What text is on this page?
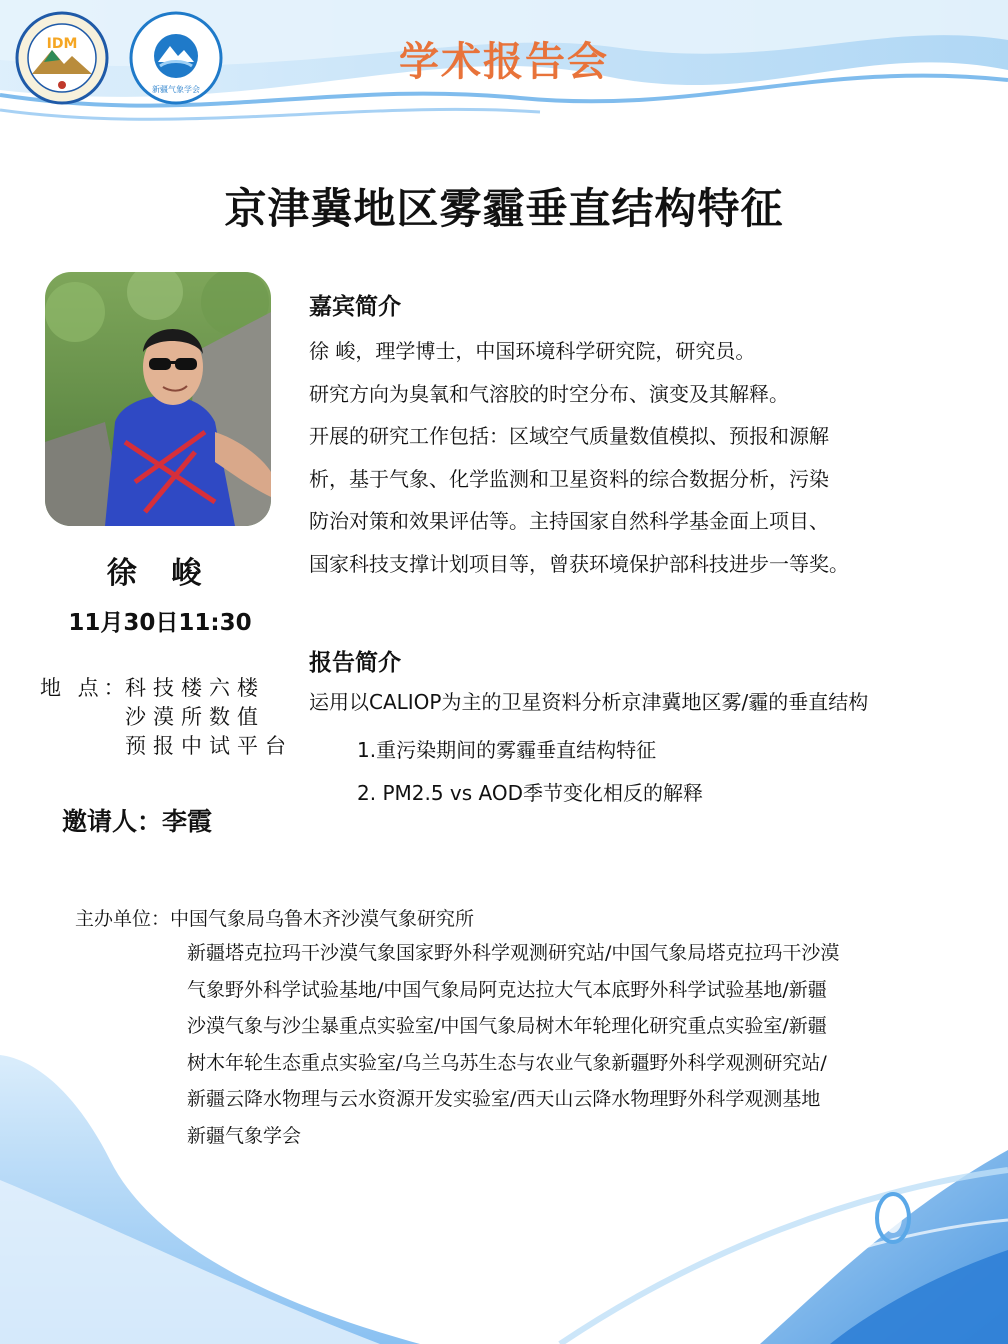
IDM
新疆气象学会
学术报告会
京津冀地区雾霾垂直结构特征
徐 峻
11月30日11:30
地 点：
科技楼六楼
沙漠所数值
预报中试平台
邀请人：李霞
嘉宾简介

徐 峻，理学博士，中国环境科学研究院，研究员。

研究方向为臭氧和气溶胶的时空分布、演变及其解释。

开展的研究工作包括：区域空气质量数值模拟、预报和源解

析，基于气象、化学监测和卫星资料的综合数据分析，污染

防治对策和效果评估等。主持国家自然科学基金面上项目、

国家科技支撑计划项目等，曾获环境保护部科技进步一等奖。

报告简介
运用以CALIOP为主的卫星资料分析京津冀地区雾/霾的垂直结构
1.重污染期间的雾霾垂直结构特征
2. PM2.5 vs AOD季节变化相反的解释
主办单位：中国气象局乌鲁木齐沙漠气象研究所
新疆塔克拉玛干沙漠气象国家野外科学观测研究站/中国气象局塔克拉玛干沙漠
气象野外科学试验基地/中国气象局阿克达拉大气本底野外科学试验基地/新疆
沙漠气象与沙尘暴重点实验室/中国气象局树木年轮理化研究重点实验室/新疆
树木年轮生态重点实验室/乌兰乌苏生态与农业气象新疆野外科学观测研究站/
新疆云降水物理与云水资源开发实验室/西天山云降水物理野外科学观测基地
新疆气象学会
